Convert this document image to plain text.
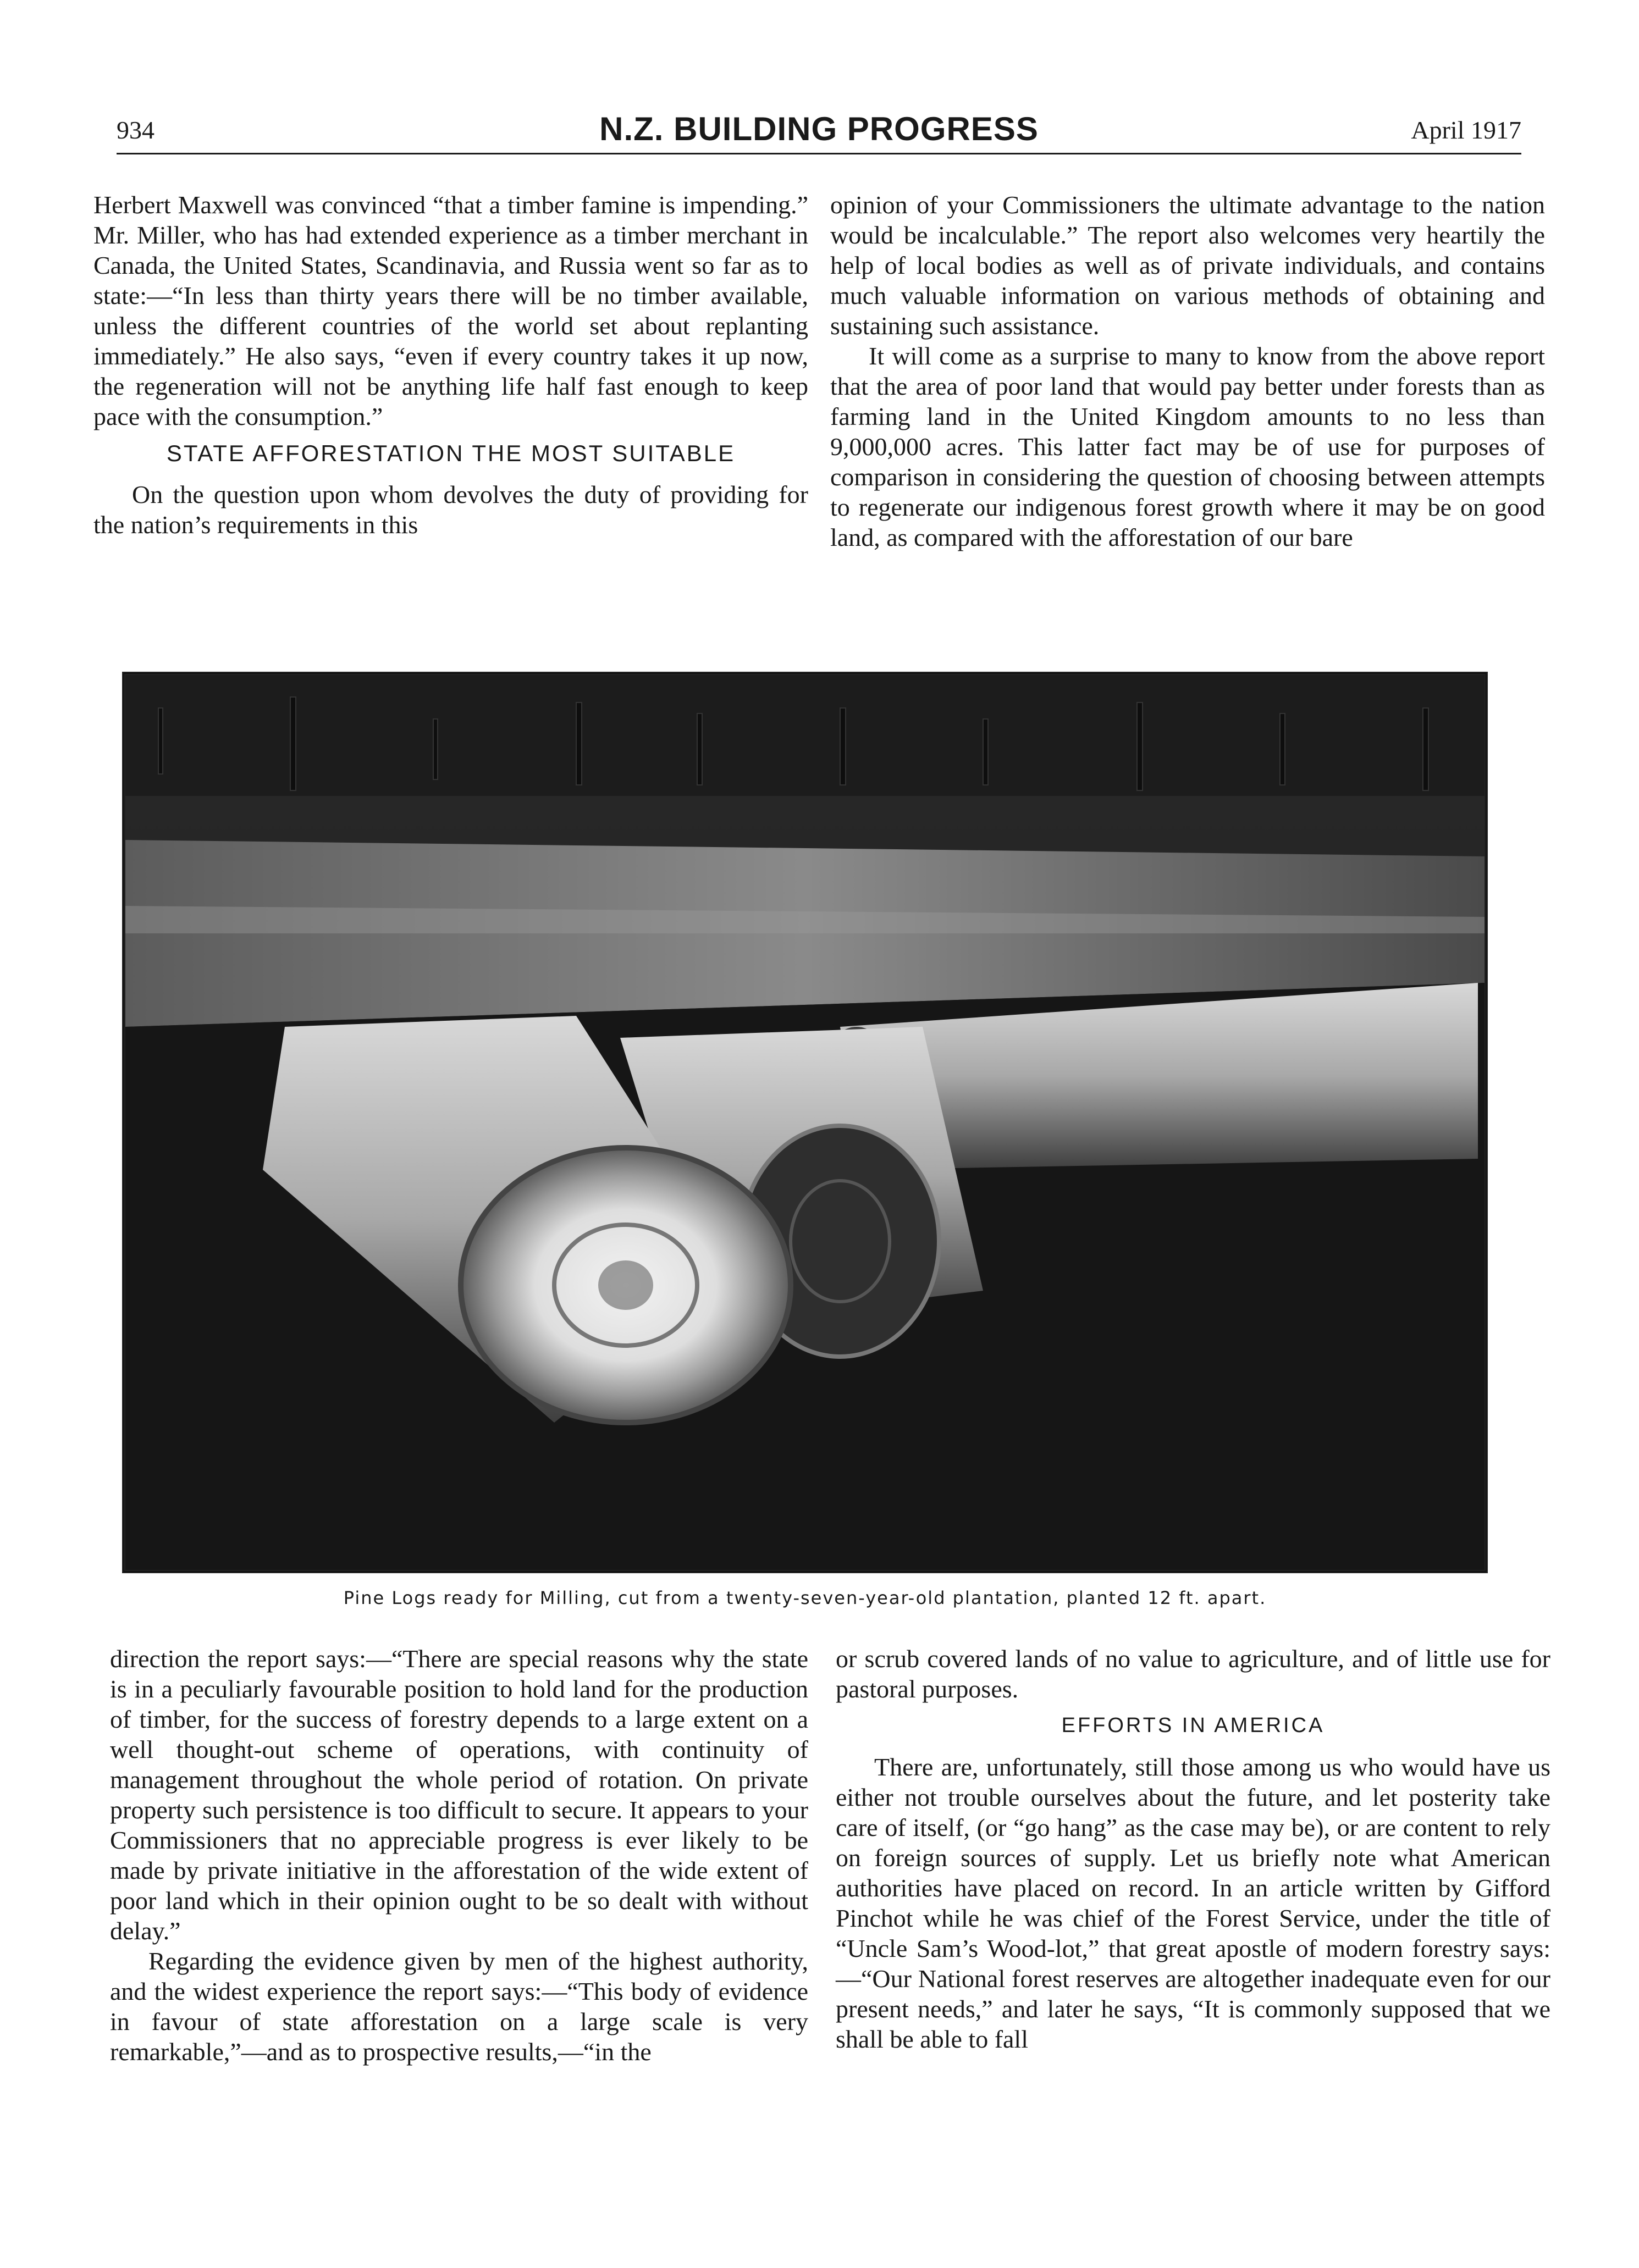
934	N.Z. BUILDING PROGRESS	April 1917

Herbert Maxwell was convinced “that a timber famine is impending.” Mr. Miller, who has had extended experience as a timber merchant in Canada, the United States, Scandinavia, and Russia went so far as to state:—“In less than thirty years there will be no timber available, unless the different countries of the world set about replanting immediately.” He also says, “even if every country takes it up now, the regeneration will not be anything life half fast enough to keep pace with the consumption.”

STATE AFFORESTATION THE MOST SUITABLE

On the question upon whom devolves the duty of providing for the nation’s requirements in this

opinion of your Commissioners the ultimate advantage to the nation would be incalculable.” The report also welcomes very heartily the help of local bodies as well as of private individuals, and contains much valuable information on various methods of obtaining and sustaining such assistance.

It will come as a surprise to many to know from the above report that the area of poor land that would pay better under forests than as farming land in the United Kingdom amounts to no less than 9,000,000 acres. This latter fact may be of use for purposes of comparison in considering the question of choosing between attempts to regenerate our indigenous forest growth where it may be on good land, as compared with the afforestation of our bare

Pine Logs ready for Milling, cut from a twenty-seven-year-old plantation, planted 12 ft. apart.

direction the report says:—“There are special reasons why the state is in a peculiarly favourable position to hold land for the production of timber, for the success of forestry depends to a large extent on a well thought-out scheme of operations, with continuity of management throughout the whole period of rotation. On private property such persistence is too difficult to secure. It appears to your Commissioners that no appreciable progress is ever likely to be made by private initiative in the afforestation of the wide extent of poor land which in their opinion ought to be so dealt with without delay.”

Regarding the evidence given by men of the highest authority, and the widest experience the report says:—“This body of evidence in favour of state afforestation on a large scale is very remarkable,”—and as to prospective results,—“in the

or scrub covered lands of no value to agriculture, and of little use for pastoral purposes.

EFFORTS IN AMERICA

There are, unfortunately, still those among us who would have us either not trouble ourselves about the future, and let posterity take care of itself, (or “go hang” as the case may be), or are content to rely on foreign sources of supply. Let us briefly note what American authorities have placed on record. In an article written by Gifford Pinchot while he was chief of the Forest Service, under the title of “Uncle Sam’s Wood-lot,” that great apostle of modern forestry says:—“Our National forest reserves are altogether inadequate even for our present needs,” and later he says, “It is commonly supposed that we shall be able to fall
